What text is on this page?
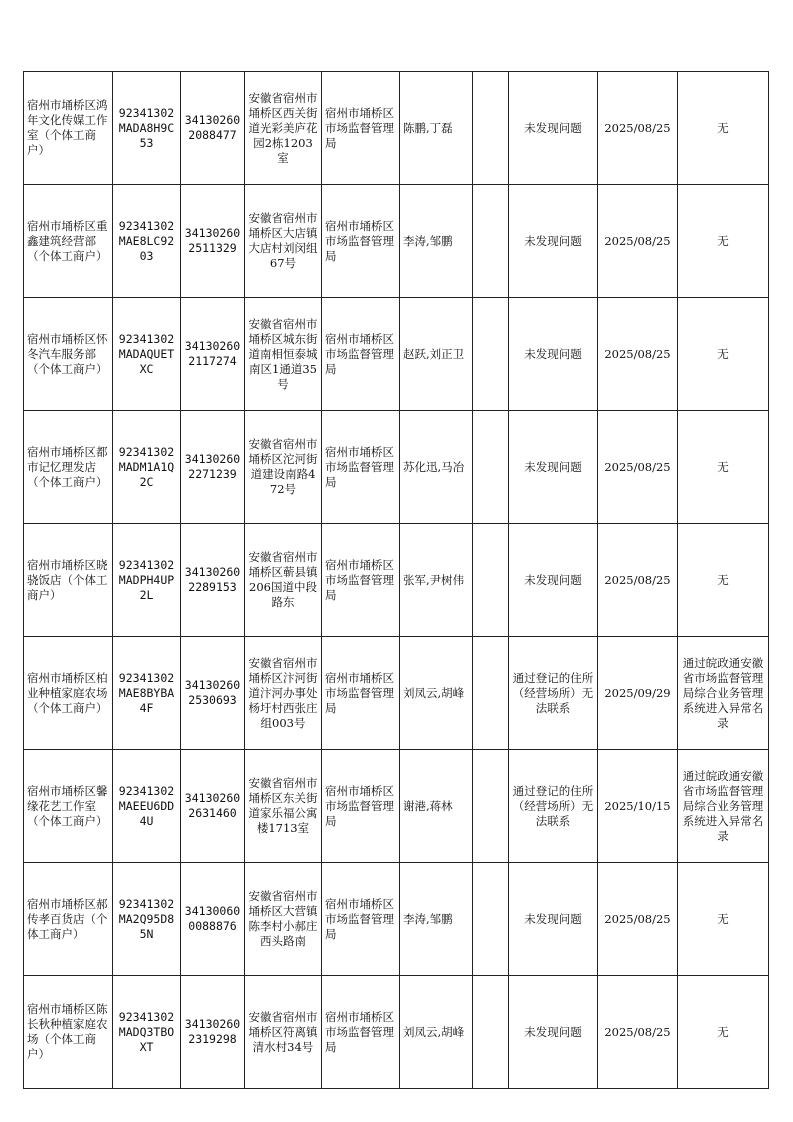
宿州市埇桥区鸿年文化传媒工作室（个体工商户）	92341302MADA8H9C53	341302602088477	安徽省宿州市埇桥区西关街道光彩美庐花园2栋1203室	宿州市埇桥区市场监督管理局	陈鹏,丁磊		未发现问题	2025/08/25	无
宿州市埇桥区重鑫建筑经营部（个体工商户）	92341302MAE8LC9203	341302602511329	安徽省宿州市埇桥区大店镇大店村刘闵组67号	宿州市埇桥区市场监督管理局	李涛,邹鹏		未发现问题	2025/08/25	无
宿州市埇桥区怀冬汽车服务部（个体工商户）	92341302MADAQUETXC	341302602117274	安徽省宿州市埇桥区城东街道南相恒泰城南区1通道35号	宿州市埇桥区市场监督管理局	赵跃,刘正卫		未发现问题	2025/08/25	无
宿州市埇桥区都市记忆理发店（个体工商户）	92341302MADM1A1Q2C	341302602271239	安徽省宿州市埇桥区沱河街道建设南路472号	宿州市埇桥区市场监督管理局	苏化迅,马冶		未发现问题	2025/08/25	无
宿州市埇桥区晓骁饭店（个体工商户）	92341302MADPH4UP2L	341302602289153	安徽省宿州市埇桥区蕲县镇206国道中段路东	宿州市埇桥区市场监督管理局	张军,尹树伟		未发现问题	2025/08/25	无
宿州市埇桥区柏业种植家庭农场（个体工商户）	92341302MAE8BYBA4F	341302602530693	安徽省宿州市埇桥区汴河街道汴河办事处杨圩村西张庄组003号	宿州市埇桥区市场监督管理局	刘凤云,胡峰		通过登记的住所（经营场所）无法联系	2025/09/29	通过皖政通安徽省市场监督管理局综合业务管理系统进入异常名录
宿州市埇桥区馨缘花艺工作室（个体工商户）	92341302MAEEU6DD4U	341302602631460	安徽省宿州市埇桥区东关街道家乐福公寓楼1713室	宿州市埇桥区市场监督管理局	谢港,蒋林		通过登记的住所（经营场所）无法联系	2025/10/15	通过皖政通安徽省市场监督管理局综合业务管理系统进入异常名录
宿州市埇桥区郝传孝百货店（个体工商户）	92341302MA2Q95D85N	341300600088876	安徽省宿州市埇桥区大营镇陈李村小郝庄西头路南	宿州市埇桥区市场监督管理局	李涛,邹鹏		未发现问题	2025/08/25	无
宿州市埇桥区陈长秋种植家庭农场（个体工商户）	92341302MADQ3TBOXT	341302602319298	安徽省宿州市埇桥区符离镇清水村34号	宿州市埇桥区市场监督管理局	刘凤云,胡峰		未发现问题	2025/08/25	无
